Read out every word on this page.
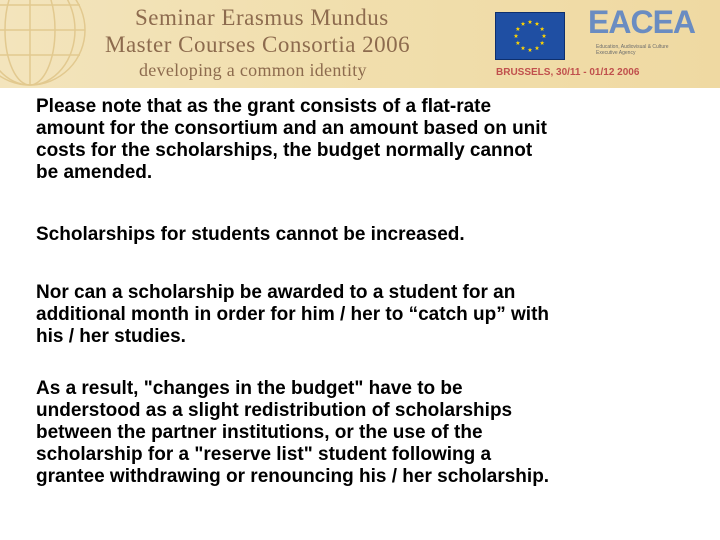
Seminar Erasmus Mundus
Master Courses Consortia 2006
developing a common identity
EACEA
Education, Audiovisual & Culture
Executive Agency
BRUSSELS, 30/11 - 01/12 2006

Please note that as the grant consists of a flat-rate
amount for the consortium and an amount based on unit
costs for the scholarships, the budget normally cannot
be amended.

Scholarships for students cannot be increased.

Nor can a scholarship be awarded to a student for an
additional month in order for him / her to “catch up” with
his / her studies.

As a result, "changes in the budget" have to be
understood as a slight redistribution of scholarships
between the partner institutions, or the use of the
scholarship for a "reserve list" student following a
grantee withdrawing or renouncing his / her scholarship.
